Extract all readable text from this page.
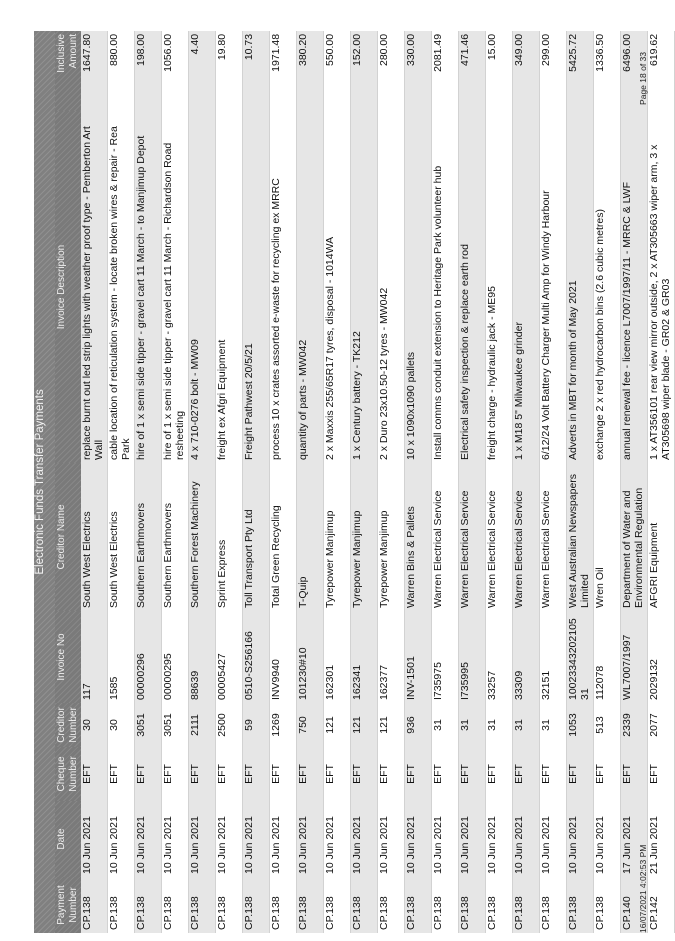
Electronic Funds Transfer Payments							
Payment Number	Date	Cheque Number	Creditor Number	Invoice No	Creditor Name	Invoice Description	Inclusive Amount
CP.138	10 Jun 2021	EFT	30	117	South West Electrics	replace burnt out led strip lights with weather proof type - Pemberton Art Wall	1647.80
CP.138	10 Jun 2021	EFT	30	1585	South West Electrics	cable location of reticulation system - locate broken wires & repair - Rea Park	880.00
CP.138	10 Jun 2021	EFT	3051	00000296	Southern Earthmovers	hire of 1 x semi side tipper - gravel cart 11 March - to Manjimup Depot	198.00
CP.138	10 Jun 2021	EFT	3051	00000295	Southern Earthmovers	hire of 1 x semi side tipper - gravel cart 11 March - Richardson Road resheeting	1056.00
CP.138	10 Jun 2021	EFT	2111	88639	Southern Forest Machinery	4 x 710-0276 bolt - MW09	4.40
CP.138	10 Jun 2021	EFT	2500	00005427	Sprint Express	freight ex Afgri Equipment	19.80
CP.138	10 Jun 2021	EFT	59	0510-S256166	Toll Transport Pty Ltd	Freight Pathwest 20/5/21	10.73
CP.138	10 Jun 2021	EFT	1269	INV9940	Total Green Recycling	process 10 x crates assorted e-waste for recycling ex MRRC	1971.48
CP.138	10 Jun 2021	EFT	750	101230#10	T-Quip	quantity of parts - MW042	380.20
CP.138	10 Jun 2021	EFT	121	162301	Tyrepower Manjimup	2 x Maxxis 255/65R17 tyres, disposal - 1014WA	550.00
CP.138	10 Jun 2021	EFT	121	162341	Tyrepower Manjimup	1 x Century battery - TK212	152.00
CP.138	10 Jun 2021	EFT	121	162377	Tyrepower Manjimup	2 x Duro 23x10.50-12 tyres - MW042	280.00
CP.138	10 Jun 2021	EFT	936	INV-1501	Warren Bins & Pallets	10 x 1090x1090 pallets	330.00
CP.138	10 Jun 2021	EFT	31	I735975	Warren Electrical Service	Install comms conduit extension to Heritage Park volunteer hub	2081.49
CP.138	10 Jun 2021	EFT	31	I735995	Warren Electrical Service	Electrical safety inspection & replace earth rod	471.46
CP.138	10 Jun 2021	EFT	31	33257	Warren Electrical Service	freight charge - hydraulic jack - ME95	15.00
CP.138	10 Jun 2021	EFT	31	33309	Warren Electrical Service	1 x M18 5" Milwaukee grinder	349.00
CP.138	10 Jun 2021	EFT	31	32151	Warren Electrical Service	6/12/24 Volt Battery Charger Multi Amp for Windy Harbour	299.00
CP.138	10 Jun 2021	EFT	1053	10023343202105 31	West Australian Newspapers Limited	Adverts in MBT for month of May 2021	5425.72
CP.138	10 Jun 2021	EFT	513	112078	Wren Oil	exchange 2 x red hydrocarbon bins (2.6 cubic metres)	1336.50
CP.140	17 Jun 2021	EFT	2339	WL7007/1997	Department of Water and Environmental Regulation	annual renewal fee - licence L7007/1997/11 - MRRC & LWF	6496.00
CP.142	21 Jun 2021	EFT	2077	2029132	AFGRI Equipment	1 x AT356101 rear view mirror outside, 2 x AT305663 wiper arm, 3 x AT305698 wiper blade - GR02 & GR03	619.62
16/07/2021 4:02:53 PM
Page 18 of 33
